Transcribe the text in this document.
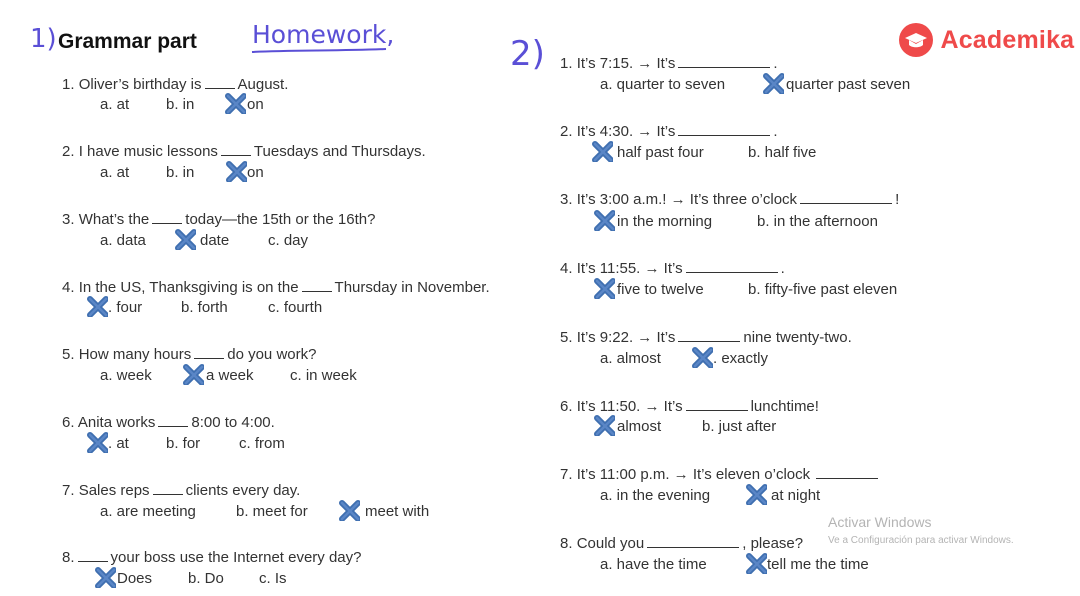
1) Grammar part Homework,	2)	Academika
1. Oliver’s birthday is August.
a. at b. in	on
2. I have music lessons Tuesdays and Thursdays.
a. at b. in	on
3. What’s the today—the 15th or the 16th?
a. data	date	c. day
4. In the US, Thanksgiving is on the Thursday in November.
. four	b. forth	c. fourth
5. How many hours do you work?
a. week	a week c. in week
6. Anita works 8:00 to 4:00.
. at b. for	c. from
7. Sales reps clients every day.
a. are meeting	b. meet for	meet with
8. your boss use the Internet every day?
Does b. Do c. Is
1. It’s 7:15. → It’s	.
a. quarter to seven	quarter past seven
2. It’s 4:30. → It’s	.
half past four	b. half five
3. It’s 3:00 a.m.! → It’s three o’clock	!
in the morning	b. in the afternoon
4. It’s 11:55. → It’s	.
five to twelve	b. fifty-five past eleven
5. It’s 9:22. → It’s	nine twenty-two.
a. almost	. exactly
6. It’s 11:50. → It’s	lunchtime!
almost	b. just after
7. It’s 11:00 p.m. → It’s eleven o’clock
a. in the evening	at night
8. Could you	, please?
a. have the time	tell me the time
Activar Windows
Ve a Configuración para activar Windows.
